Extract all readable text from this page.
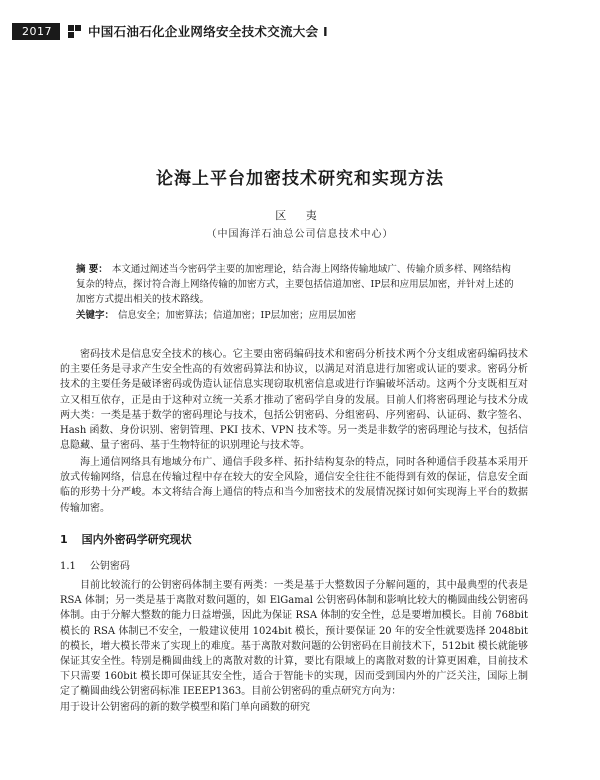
2017	中国石油石化企业网络安全技术交流大会 I
论海上平台加密技术研究和实现方法
区 夷
（中国海洋石油总公司信息技术中心）
摘 要： 本文通过阐述当今密码学主要的加密理论，结合海上网络传输地域广、传输介质多样、网络结构复杂的特点，探讨符合海上网络传输的加密方式，主要包括信道加密、IP层和应用层加密，并针对上述的加密方式提出相关的技术路线。
关键字： 信息安全；加密算法；信道加密；IP层加密；应用层加密

密码技术是信息安全技术的核心。它主要由密码编码技术和密码分析技术两个分支组成密码编码技术的主要任务是寻求产生安全性高的有效密码算法和协议，以满足对消息进行加密或认证的要求。密码分析技术的主要任务是破译密码或伪造认证信息实现窃取机密信息或进行诈骗破坏活动。这两个分支既相互对立又相互依存，正是由于这种对立统一关系才推动了密码学自身的发展。目前人们将密码理论与技术分成两大类：一类是基于数学的密码理论与技术，包括公钥密码、分组密码、序列密码、认证码、数字签名、Hash 函数、身份识别、密钥管理、PKI 技术、VPN 技术等。另一类是非数学的密码理论与技术，包括信息隐藏、量子密码、基于生物特征的识别理论与技术等。

海上通信网络具有地域分布广、通信手段多样、拓扑结构复杂的特点，同时各种通信手段基本采用开放式传输网络，信息在传输过程中存在较大的安全风险，通信安全往往不能得到有效的保证，信息安全面临的形势十分严峻。本文将结合海上通信的特点和当今加密技术的发展情况探讨如何实现海上平台的数据传输加密。

1 国内外密码学研究现状
1.1 公钥密码

目前比较流行的公钥密码体制主要有两类：一类是基于大整数因子分解问题的，其中最典型的代表是 RSA 体制；另一类是基于离散对数问题的，如 ElGamal 公钥密码体制和影响比较大的椭圆曲线公钥密码体制。由于分解大整数的能力日益增强，因此为保证 RSA 体制的安全性，总是要增加模长。目前 768bit 模长的 RSA 体制已不安全，一般建议使用 1024bit 模长，预计要保证 20 年的安全性就要选择 2048bit 的模长，增大模长带来了实现上的难度。基于离散对数问题的公钥密码在目前技术下，512bit 模长就能够保证其安全性。特别是椭圆曲线上的离散对数的计算，要比有限域上的离散对数的计算更困难，目前技术下只需要 160bit 模长即可保证其安全性，适合于智能卡的实现，因而受到国内外的广泛关注，国际上制定了椭圆曲线公钥密码标准 IEEEP1363。目前公钥密码的重点研究方向为：
用于设计公钥密码的新的数学模型和陷门单向函数的研究
